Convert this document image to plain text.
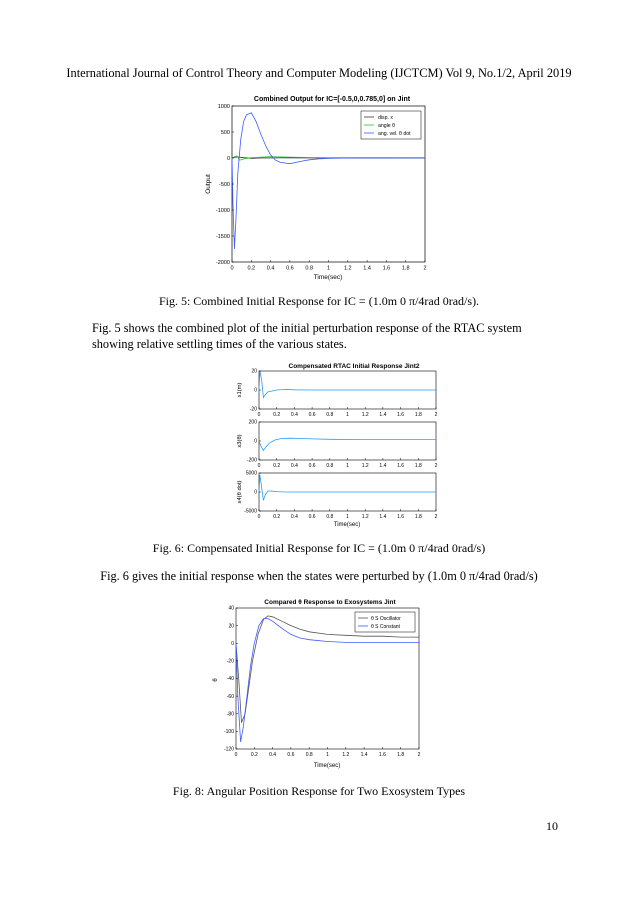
International Journal of Control Theory and Computer Modeling (IJCTCM) Vol 9, No.1/2, April 2019
Combined Output for IC=[-0.5,0,0.785,0] on Jint
0	0.2 0.4 0.6 0.8	1	1.2 1.4 1.6 1.8	2
-2000
-1500
-1000
-500
0
500
1000
Output
Time(sec)
disp. x
angle θ
ang. vel. θ dot
Fig. 5: Combined Initial Response for IC = (1.0m 0 π/4rad 0rad/s).
Fig. 5 shows the combined plot of the initial perturbation response of the RTAC system showing relative settling times of the various states.
Compensated RTAC Initial Response Jint2
0	0.2 0.4 0.6 0.8	1	1.2 1.4 1.6 1.8	2
-20
0
20
0	0.2 0.4 0.6 0.8	1	1.2 1.4 1.6 1.8	2
-200
0
200
0	0.2 0.4 0.6 0.8	1	1.2 1.4 1.6 1.8	2
-5000
0
5000
x1(m)
x3(θ)
x4(θ dot)
Time(sec)
Fig. 6: Compensated Initial Response for IC = (1.0m 0 π/4rad 0rad/s)
Fig. 6 gives the initial response when the states were perturbed by (1.0m 0 π/4rad 0rad/s)
Compared θ Response to Exosystems Jint
0	0.2 0.4 0.6 0.8	1	1.2 1.4 1.6 1.8	2
-120
-100
-80
-60
-40
-20
0
20
40
θ
Time(sec)
θ S Oscillator
θ S Constant
Fig. 8: Angular Position Response for Two Exosystem Types
10
